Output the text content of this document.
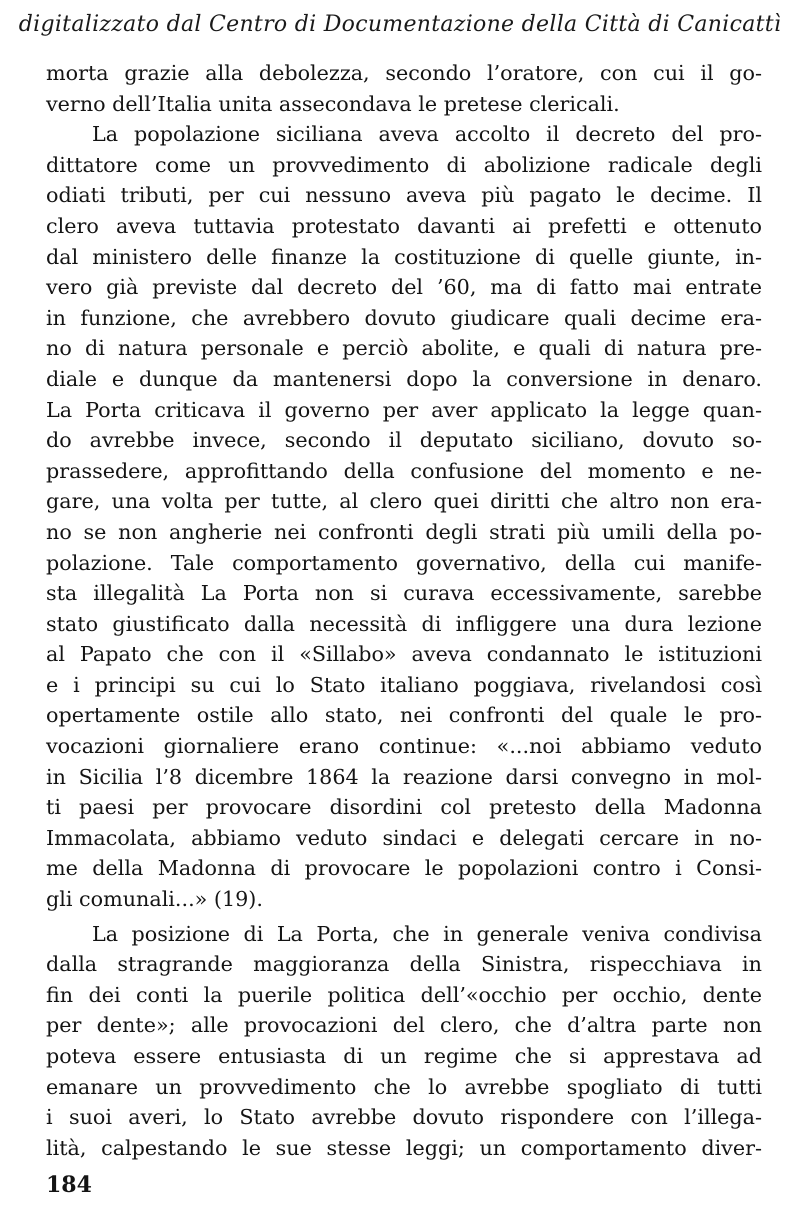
digitalizzato dal Centro di Documentazione della Città di Canicattì

morta grazie alla debolezza, secondo l’oratore, con cui il go-
verno dell’Italia unita assecondava le pretese clericali.

La popolazione siciliana aveva accolto il decreto del pro-
dittatore come un provvedimento di abolizione radicale degli
odiati tributi, per cui nessuno aveva più pagato le decime. Il
clero aveva tuttavia protestato davanti ai prefetti e ottenuto
dal ministero delle finanze la costituzione di quelle giunte, in-
vero già previste dal decreto del ’60, ma di fatto mai entrate
in funzione, che avrebbero dovuto giudicare quali decime era-
no di natura personale e perciò abolite, e quali di natura pre-
diale e dunque da mantenersi dopo la conversione in denaro.
La Porta criticava il governo per aver applicato la legge quan-
do avrebbe invece, secondo il deputato siciliano, dovuto so-
prassedere, approfittando della confusione del momento e ne-
gare, una volta per tutte, al clero quei diritti che altro non era-
no se non angherie nei confronti degli strati più umili della po-
polazione. Tale comportamento governativo, della cui manife-
sta illegalità La Porta non si curava eccessivamente, sarebbe
stato giustificato dalla necessità di infliggere una dura lezione
al Papato che con il «Sillabo» aveva condannato le istituzioni
e i principi su cui lo Stato italiano poggiava, rivelandosi così
opertamente ostile allo stato, nei confronti del quale le pro-
vocazioni giornaliere erano continue: «...noi abbiamo veduto
in Sicilia l’8 dicembre 1864 la reazione darsi convegno in mol-
ti paesi per provocare disordini col pretesto della Madonna
Immacolata, abbiamo veduto sindaci e delegati cercare in no-
me della Madonna di provocare le popolazioni contro i Consi-
gli comunali...» (19).

La posizione di La Porta, che in generale veniva condivisa
dalla stragrande maggioranza della Sinistra, rispecchiava in
fin dei conti la puerile politica dell’«occhio per occhio, dente
per dente»; alle provocazioni del clero, che d’altra parte non
poteva essere entusiasta di un regime che si apprestava ad
emanare un provvedimento che lo avrebbe spogliato di tutti
i suoi averi, lo Stato avrebbe dovuto rispondere con l’illega-
lità, calpestando le sue stesse leggi; un comportamento diver-

184
